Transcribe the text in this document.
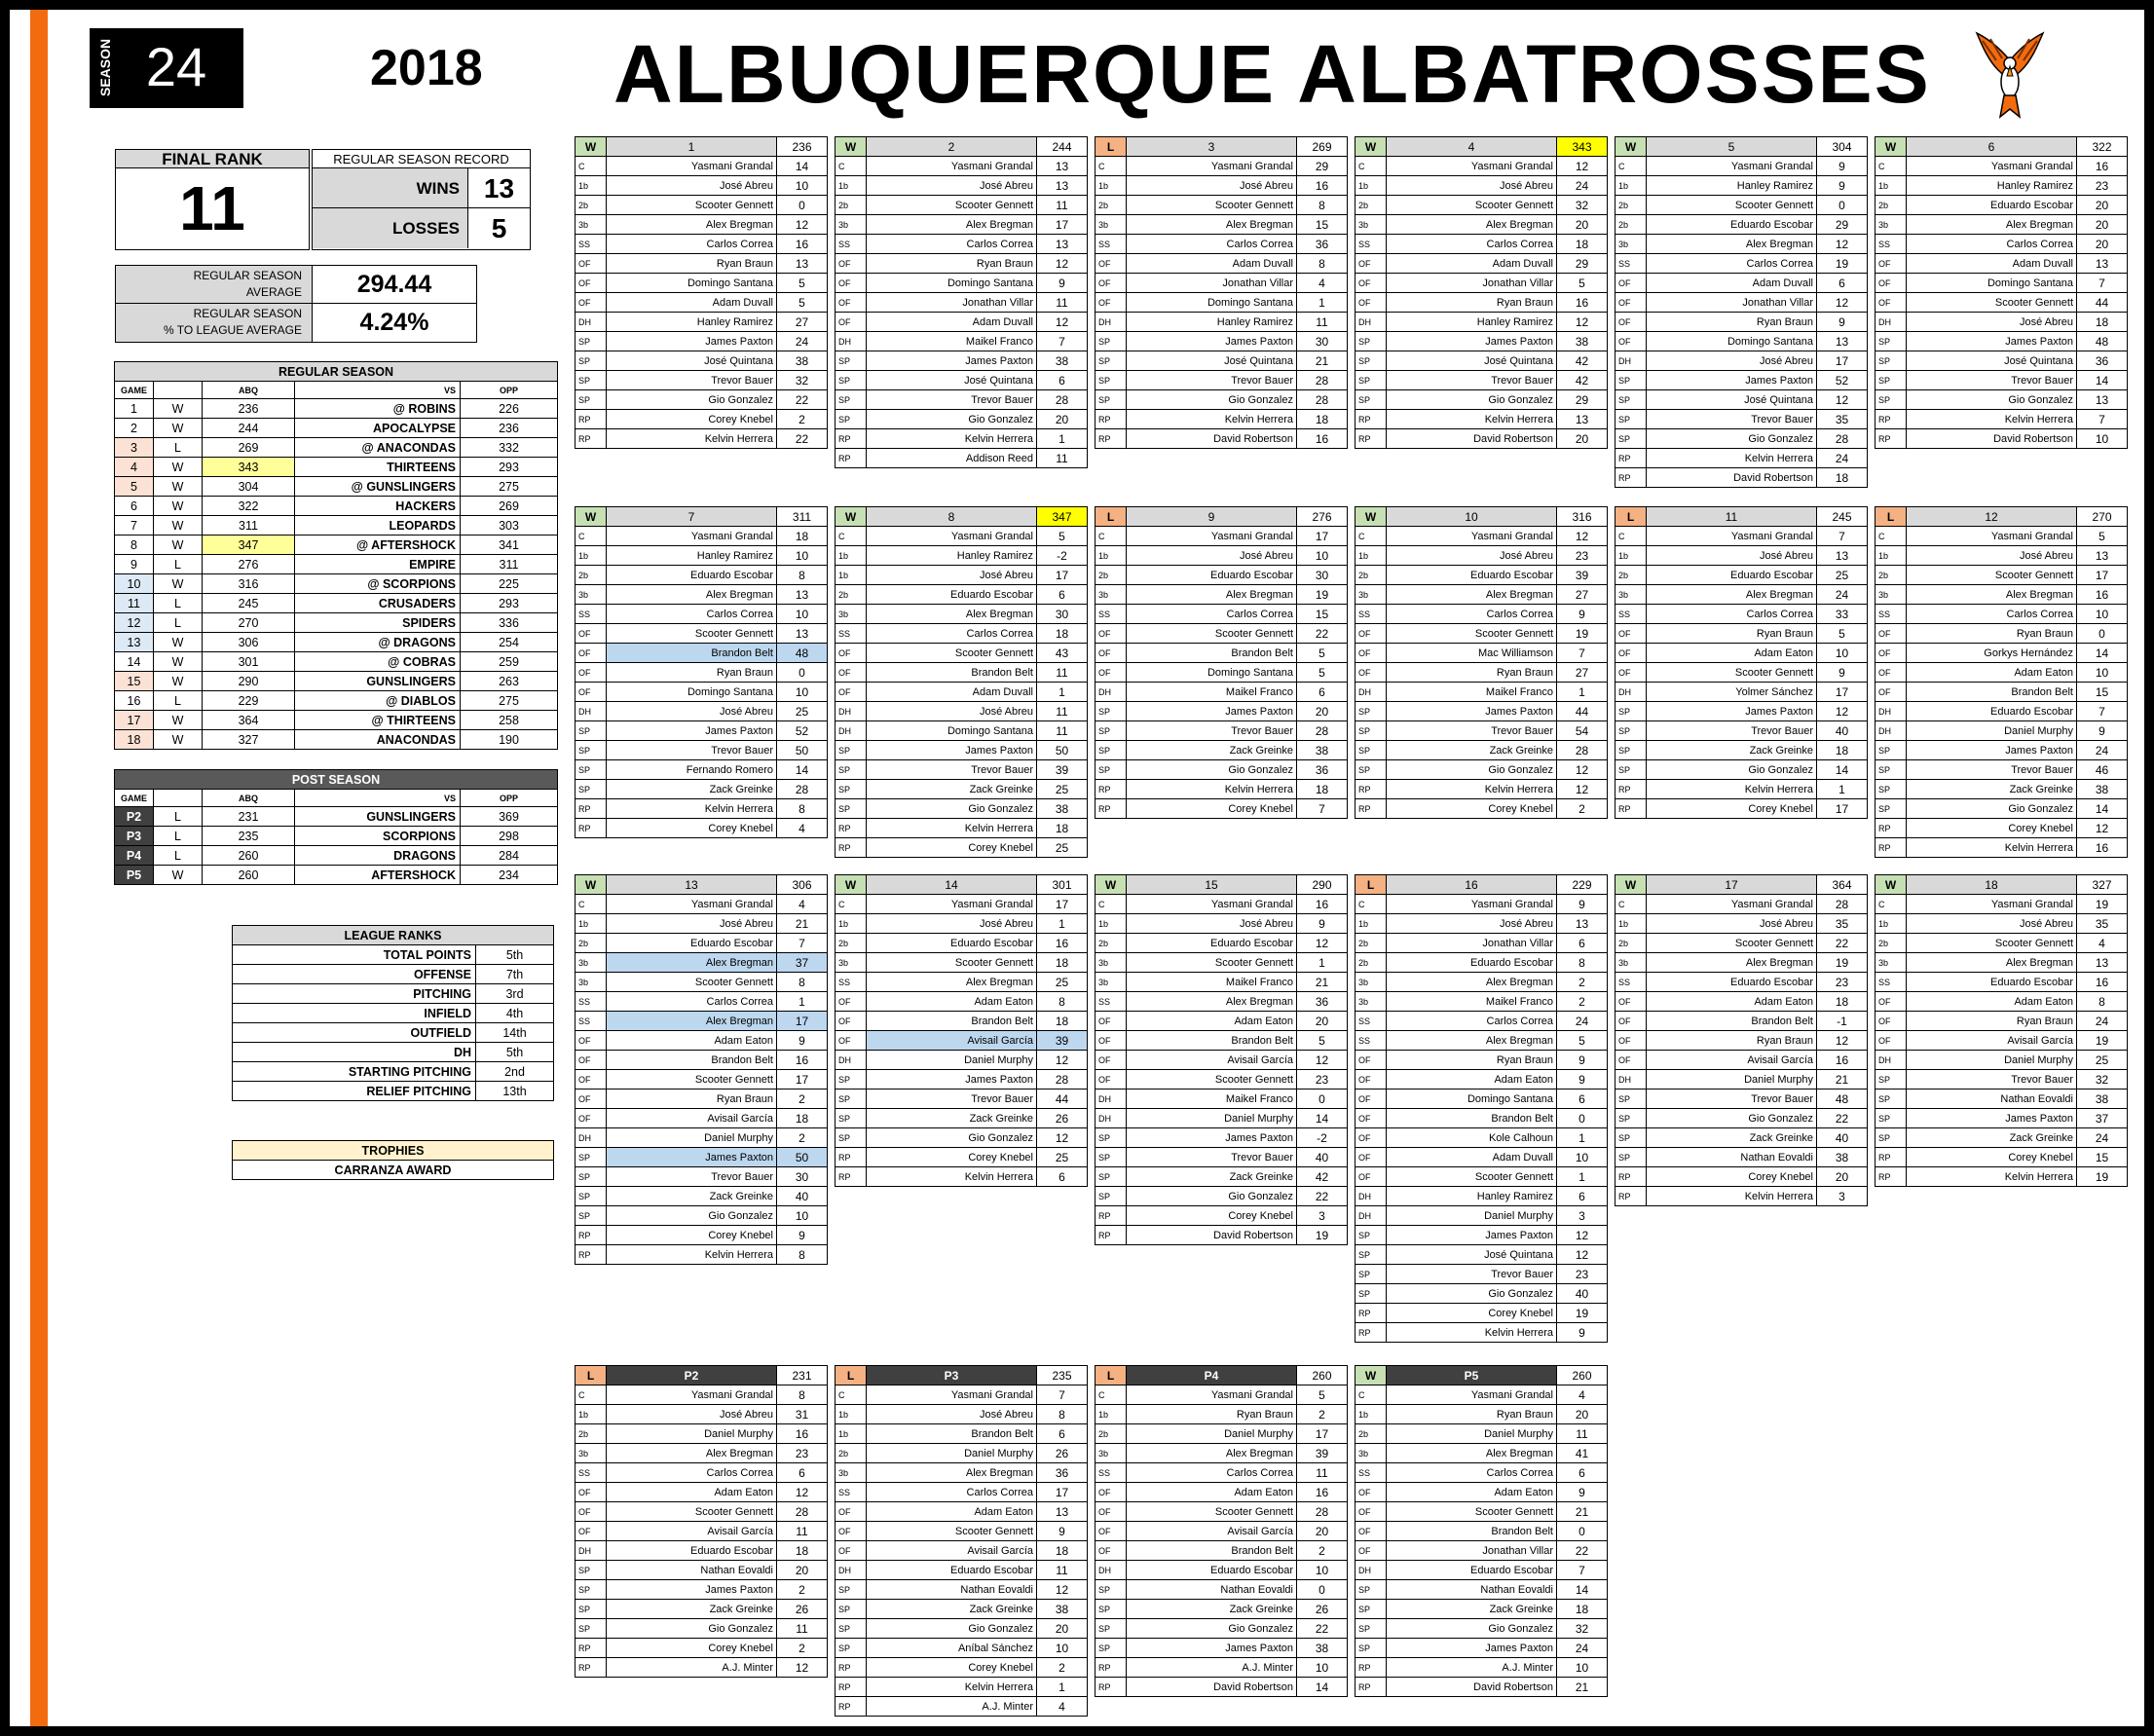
SEASON 24	2018 ALBUQUERQUE ALBATROSSES
FINAL RANK
11
REGULAR SEASON RECORD
WINS 13
LOSSES	5
REGULAR SEASON
AVERAGE	294.44
REGULAR SEASON
% TO LEAGUE AVERAGE	4.24%
REGULAR SEASON				
GAME		ABQ	VS	OPP
1	W	236	@ ROBINS	226
2	W	244	APOCALYPSE	236
3	L	269	@ ANACONDAS	332
4	W	343	THIRTEENS	293
5	W	304	@ GUNSLINGERS	275
6	W	322	HACKERS	269
7	W	311	LEOPARDS	303
8	W	347	@ AFTERSHOCK	341
9	L	276	EMPIRE	311
10	W	316	@ SCORPIONS	225
11	L	245	CRUSADERS	293
12	L	270	SPIDERS	336
13	W	306	@ DRAGONS	254
14	W	301	@ COBRAS	259
15	W	290	GUNSLINGERS	263
16	L	229	@ DIABLOS	275
17	W	364	@ THIRTEENS	258
18	W	327	ANACONDAS	190
POST SEASON				
GAME		ABQ	VS	OPP
P2	L	231	GUNSLINGERS	369
P3	L	235	SCORPIONS	298
P4	L	260	DRAGONS	284
P5	W	260	AFTERSHOCK	234
LEAGUE RANKS	
TOTAL POINTS	5th
OFFENSE	7th
PITCHING	3rd
INFIELD	4th
OUTFIELD	14th
DH	5th
STARTING PITCHING	2nd
RELIEF PITCHING	13th
TROPHIES
CARRANZA AWARD
W	1	236
C	Yasmani Grandal	14
1b	José Abreu	10
2b	Scooter Gennett	0
3b	Alex Bregman	12
SS	Carlos Correa	16
OF	Ryan Braun	13
OF	Domingo Santana	5
OF	Adam Duvall	5
DH	Hanley Ramirez	27
SP	James Paxton	24
SP	José Quintana	38
SP	Trevor Bauer	32
SP	Gio Gonzalez	22
RP	Corey Knebel	2
RP	Kelvin Herrera	22
W	2	244
C	Yasmani Grandal	13
1b	José Abreu	13
2b	Scooter Gennett	11
3b	Alex Bregman	17
SS	Carlos Correa	13
OF	Ryan Braun	12
OF	Domingo Santana	9
OF	Jonathan Villar	11
OF	Adam Duvall	12
DH	Maikel Franco	7
SP	James Paxton	38
SP	José Quintana	6
SP	Trevor Bauer	28
SP	Gio Gonzalez	20
RP	Kelvin Herrera	1
RP	Addison Reed	11
L	3	269
C	Yasmani Grandal	29
1b	José Abreu	16
2b	Scooter Gennett	8
3b	Alex Bregman	15
SS	Carlos Correa	36
OF	Adam Duvall	8
OF	Jonathan Villar	4
OF	Domingo Santana	1
DH	Hanley Ramirez	11
SP	James Paxton	30
SP	José Quintana	21
SP	Trevor Bauer	28
SP	Gio Gonzalez	28
RP	Kelvin Herrera	18
RP	David Robertson	16
W	4	343
C	Yasmani Grandal	12
1b	José Abreu	24
2b	Scooter Gennett	32
3b	Alex Bregman	20
SS	Carlos Correa	18
OF	Adam Duvall	29
OF	Jonathan Villar	5
OF	Ryan Braun	16
DH	Hanley Ramirez	12
SP	James Paxton	38
SP	José Quintana	42
SP	Trevor Bauer	42
SP	Gio Gonzalez	29
RP	Kelvin Herrera	13
RP	David Robertson	20
W	5	304
C	Yasmani Grandal	9
1b	Hanley Ramirez	9
2b	Scooter Gennett	0
2b	Eduardo Escobar	29
3b	Alex Bregman	12
SS	Carlos Correa	19
OF	Adam Duvall	6
OF	Jonathan Villar	12
OF	Ryan Braun	9
OF	Domingo Santana	13
DH	José Abreu	17
SP	James Paxton	52
SP	José Quintana	12
SP	Trevor Bauer	35
SP	Gio Gonzalez	28
RP	Kelvin Herrera	24
RP	David Robertson	18
W	6	322
C	Yasmani Grandal	16
1b	Hanley Ramirez	23
2b	Eduardo Escobar	20
3b	Alex Bregman	20
SS	Carlos Correa	20
OF	Adam Duvall	13
OF	Domingo Santana	7
OF	Scooter Gennett	44
DH	José Abreu	18
SP	James Paxton	48
SP	José Quintana	36
SP	Trevor Bauer	14
SP	Gio Gonzalez	13
RP	Kelvin Herrera	7
RP	David Robertson	10
W	7	311
C	Yasmani Grandal	18
1b	Hanley Ramirez	10
2b	Eduardo Escobar	8
3b	Alex Bregman	13
SS	Carlos Correa	10
OF	Scooter Gennett	13
OF	Brandon Belt	48
OF	Ryan Braun	0
OF	Domingo Santana	10
DH	José Abreu	25
SP	James Paxton	52
SP	Trevor Bauer	50
SP	Fernando Romero	14
SP	Zack Greinke	28
RP	Kelvin Herrera	8
RP	Corey Knebel	4
W	8	347
C	Yasmani Grandal	5
1b	Hanley Ramirez	-2
1b	José Abreu	17
2b	Eduardo Escobar	6
3b	Alex Bregman	30
SS	Carlos Correa	18
OF	Scooter Gennett	43
OF	Brandon Belt	11
OF	Adam Duvall	1
DH	José Abreu	11
DH	Domingo Santana	11
SP	James Paxton	50
SP	Trevor Bauer	39
SP	Zack Greinke	25
SP	Gio Gonzalez	38
RP	Kelvin Herrera	18
RP	Corey Knebel	25
L	9	276
C	Yasmani Grandal	17
1b	José Abreu	10
2b	Eduardo Escobar	30
3b	Alex Bregman	19
SS	Carlos Correa	15
OF	Scooter Gennett	22
OF	Brandon Belt	5
OF	Domingo Santana	5
DH	Maikel Franco	6
SP	James Paxton	20
SP	Trevor Bauer	28
SP	Zack Greinke	38
SP	Gio Gonzalez	36
RP	Kelvin Herrera	18
RP	Corey Knebel	7
W	10	316
C	Yasmani Grandal	12
1b	José Abreu	23
2b	Eduardo Escobar	39
3b	Alex Bregman	27
SS	Carlos Correa	9
OF	Scooter Gennett	19
OF	Mac Williamson	7
OF	Ryan Braun	27
DH	Maikel Franco	1
SP	James Paxton	44
SP	Trevor Bauer	54
SP	Zack Greinke	28
SP	Gio Gonzalez	12
RP	Kelvin Herrera	12
RP	Corey Knebel	2
L	11	245
C	Yasmani Grandal	7
1b	José Abreu	13
2b	Eduardo Escobar	25
3b	Alex Bregman	24
SS	Carlos Correa	33
OF	Ryan Braun	5
OF	Adam Eaton	10
OF	Scooter Gennett	9
DH	Yolmer Sánchez	17
SP	James Paxton	12
SP	Trevor Bauer	40
SP	Zack Greinke	18
SP	Gio Gonzalez	14
RP	Kelvin Herrera	1
RP	Corey Knebel	17
L	12	270
C	Yasmani Grandal	5
1b	José Abreu	13
2b	Scooter Gennett	17
3b	Alex Bregman	16
SS	Carlos Correa	10
OF	Ryan Braun	0
OF	Gorkys Hernández	14
OF	Adam Eaton	10
OF	Brandon Belt	15
DH	Eduardo Escobar	7
DH	Daniel Murphy	9
SP	James Paxton	24
SP	Trevor Bauer	46
SP	Zack Greinke	38
SP	Gio Gonzalez	14
RP	Corey Knebel	12
RP	Kelvin Herrera	16
W	13	306
C	Yasmani Grandal	4
1b	José Abreu	21
2b	Eduardo Escobar	7
3b	Alex Bregman	37
3b	Scooter Gennett	8
SS	Carlos Correa	1
SS	Alex Bregman	17
OF	Adam Eaton	9
OF	Brandon Belt	16
OF	Scooter Gennett	17
OF	Ryan Braun	2
OF	Avisail García	18
DH	Daniel Murphy	2
SP	James Paxton	50
SP	Trevor Bauer	30
SP	Zack Greinke	40
SP	Gio Gonzalez	10
RP	Corey Knebel	9
RP	Kelvin Herrera	8
W	14	301
C	Yasmani Grandal	17
1b	José Abreu	1
2b	Eduardo Escobar	16
3b	Scooter Gennett	18
SS	Alex Bregman	25
OF	Adam Eaton	8
OF	Brandon Belt	18
OF	Avisail García	39
DH	Daniel Murphy	12
SP	James Paxton	28
SP	Trevor Bauer	44
SP	Zack Greinke	26
SP	Gio Gonzalez	12
RP	Corey Knebel	25
RP	Kelvin Herrera	6
W	15	290
C	Yasmani Grandal	16
1b	José Abreu	9
2b	Eduardo Escobar	12
3b	Scooter Gennett	1
3b	Maikel Franco	21
SS	Alex Bregman	36
OF	Adam Eaton	20
OF	Brandon Belt	5
OF	Avisail García	12
OF	Scooter Gennett	23
DH	Maikel Franco	0
DH	Daniel Murphy	14
SP	James Paxton	-2
SP	Trevor Bauer	40
SP	Zack Greinke	42
SP	Gio Gonzalez	22
RP	Corey Knebel	3
RP	David Robertson	19
L	16	229
C	Yasmani Grandal	9
1b	José Abreu	13
2b	Jonathan Villar	6
2b	Eduardo Escobar	8
3b	Alex Bregman	2
3b	Maikel Franco	2
SS	Carlos Correa	24
SS	Alex Bregman	5
OF	Ryan Braun	9
OF	Adam Eaton	9
OF	Domingo Santana	6
OF	Brandon Belt	0
OF	Kole Calhoun	1
OF	Adam Duvall	10
OF	Scooter Gennett	1
DH	Hanley Ramirez	6
DH	Daniel Murphy	3
SP	James Paxton	12
SP	José Quintana	12
SP	Trevor Bauer	23
SP	Gio Gonzalez	40
RP	Corey Knebel	19
RP	Kelvin Herrera	9
W	17	364
C	Yasmani Grandal	28
1b	José Abreu	35
2b	Scooter Gennett	22
3b	Alex Bregman	19
SS	Eduardo Escobar	23
OF	Adam Eaton	18
OF	Brandon Belt	-1
OF	Ryan Braun	12
OF	Avisail García	16
DH	Daniel Murphy	21
SP	Trevor Bauer	48
SP	Gio Gonzalez	22
SP	Zack Greinke	40
SP	Nathan Eovaldi	38
RP	Corey Knebel	20
RP	Kelvin Herrera	3
W	18	327
C	Yasmani Grandal	19
1b	José Abreu	35
2b	Scooter Gennett	4
3b	Alex Bregman	13
SS	Eduardo Escobar	16
OF	Adam Eaton	8
OF	Ryan Braun	24
OF	Avisail García	19
DH	Daniel Murphy	25
SP	Trevor Bauer	32
SP	Nathan Eovaldi	38
SP	James Paxton	37
SP	Zack Greinke	24
RP	Corey Knebel	15
RP	Kelvin Herrera	19
L	P2	231
C	Yasmani Grandal	8
1b	José Abreu	31
2b	Daniel Murphy	16
3b	Alex Bregman	23
SS	Carlos Correa	6
OF	Adam Eaton	12
OF	Scooter Gennett	28
OF	Avisail García	11
DH	Eduardo Escobar	18
SP	Nathan Eovaldi	20
SP	James Paxton	2
SP	Zack Greinke	26
SP	Gio Gonzalez	11
RP	Corey Knebel	2
RP	A.J. Minter	12
L	P3	235
C	Yasmani Grandal	7
1b	José Abreu	8
1b	Brandon Belt	6
2b	Daniel Murphy	26
3b	Alex Bregman	36
SS	Carlos Correa	17
OF	Adam Eaton	13
OF	Scooter Gennett	9
OF	Avisail García	18
DH	Eduardo Escobar	11
SP	Nathan Eovaldi	12
SP	Zack Greinke	38
SP	Gio Gonzalez	20
SP	Aníbal Sánchez	10
RP	Corey Knebel	2
RP	Kelvin Herrera	1
RP	A.J. Minter	4
L	P4	260
C	Yasmani Grandal	5
1b	Ryan Braun	2
2b	Daniel Murphy	17
3b	Alex Bregman	39
SS	Carlos Correa	11
OF	Adam Eaton	16
OF	Scooter Gennett	28
OF	Avisail García	20
OF	Brandon Belt	2
DH	Eduardo Escobar	10
SP	Nathan Eovaldi	0
SP	Zack Greinke	26
SP	Gio Gonzalez	22
SP	James Paxton	38
RP	A.J. Minter	10
RP	David Robertson	14
W	P5	260
C	Yasmani Grandal	4
1b	Ryan Braun	20
2b	Daniel Murphy	11
3b	Alex Bregman	41
SS	Carlos Correa	6
OF	Adam Eaton	9
OF	Scooter Gennett	21
OF	Brandon Belt	0
OF	Jonathan Villar	22
DH	Eduardo Escobar	7
SP	Nathan Eovaldi	14
SP	Zack Greinke	18
SP	Gio Gonzalez	32
SP	James Paxton	24
RP	A.J. Minter	10
RP	David Robertson	21
